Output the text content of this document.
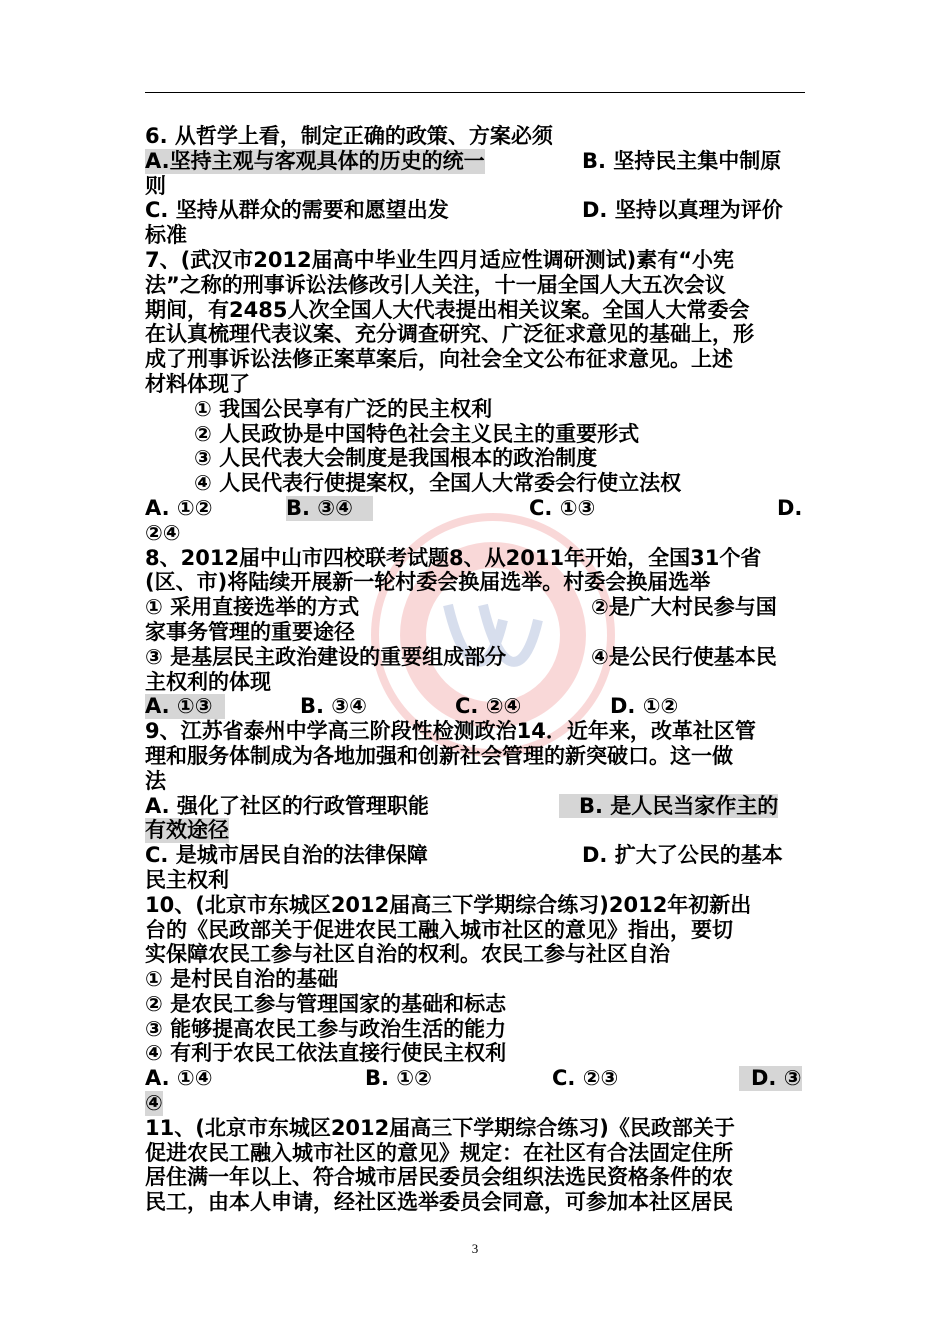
6. 从哲学上看，制定正确的政策、方案必须
A.坚持主观与客观具体的历史的统一	B. 坚持民主集中制原
则
C. 坚持从群众的需要和愿望出发	D. 坚持以真理为评价
标准
7、(武汉市2012届高中毕业生四月适应性调研测试)素有“小宪
法”之称的刑事诉讼法修改引人关注，十一届全国人大五次会议
期间，有2485人次全国人大代表提出相关议案。全国人大常委会
在认真梳理代表议案、充分调查研究、广泛征求意见的基础上，形
成了刑事诉讼法修正案草案后，向社会全文公布征求意见。上述
材料体现了
① 我国公民享有广泛的民主权利
② 人民政协是中国特色社会主义民主的重要形式
③ 人民代表大会制度是我国根本的政治制度
④ 人民代表行使提案权，全国人大常委会行使立法权
A. ①②	B. ③④	C. ①③	D.
②④
8、2012届中山市四校联考试题8、从2011年开始，全国31个省
(区、市)将陆续开展新一轮村委会换届选举。村委会换届选举
① 采用直接选举的方式	②是广大村民参与国
家事务管理的重要途径
③ 是基层民主政治建设的重要组成部分	④是公民行使基本民
主权利的体现
A. ①③	B. ③④	C. ②④	D. ①②
9、江苏省泰州中学高三阶段性检测政治14．近年来，改革社区管
理和服务体制成为各地加强和创新社会管理的新突破口。这一做
法
A. 强化了社区的行政管理职能	B. 是人民当家作主的
有效途径
C. 是城市居民自治的法律保障	D. 扩大了公民的基本
民主权利
10、(北京市东城区2012届高三下学期综合练习)2012年初新出
台的《民政部关于促进农民工融入城市社区的意见》指出，要切
实保障农民工参与社区自治的权利。农民工参与社区自治
① 是村民自治的基础
② 是农民工参与管理国家的基础和标志
③ 能够提高农民工参与政治生活的能力
④ 有利于农民工依法直接行使民主权利
A. ①④	B. ①②	C. ②③	D. ③
④
11、(北京市东城区2012届高三下学期综合练习)《民政部关于
促进农民工融入城市社区的意见》规定：在社区有合法固定住所
居住满一年以上、符合城市居民委员会组织法选民资格条件的农
民工，由本人申请，经社区选举委员会同意，可参加本社区居民
3
